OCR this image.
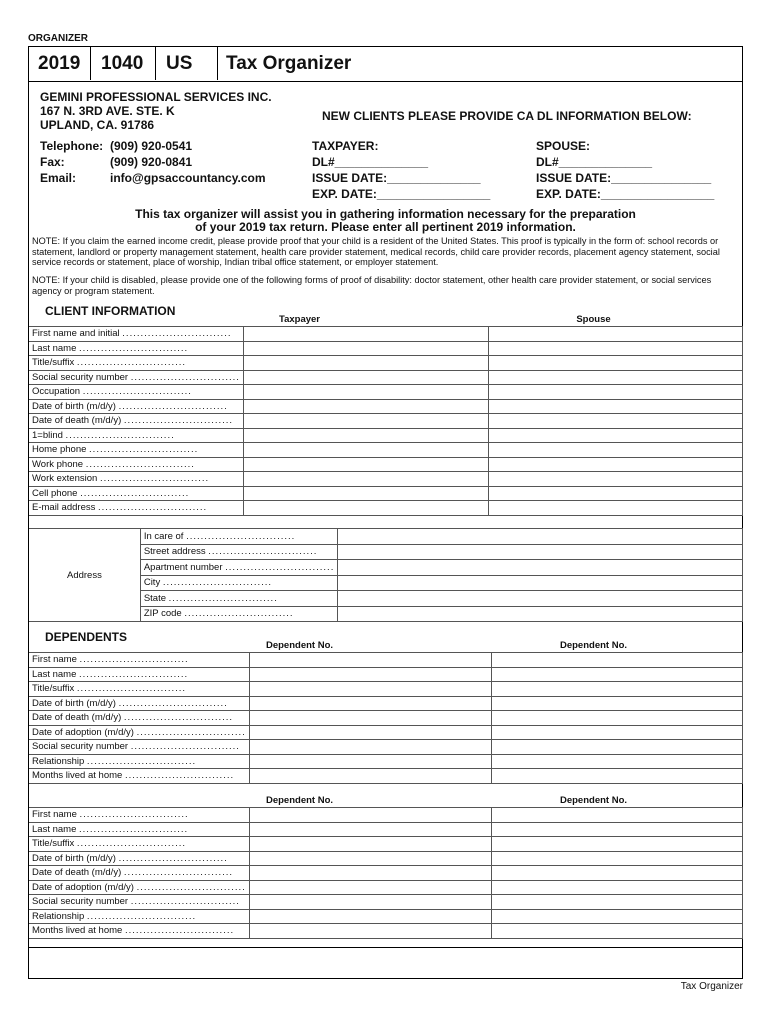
ORGANIZER
2019	1040	US	Tax Organizer
GEMINI PROFESSIONAL SERVICES INC.
167 N. 3RD AVE. STE. K
UPLAND, CA. 91786
Telephone:	(909) 920-0541
Fax:	(909) 920-0841
Email:	info@gpsaccountancy.com
NEW CLIENTS PLEASE PROVIDE CA DL INFORMATION BELOW:
TAXPAYER:
DL#______________
ISSUE DATE:______________
EXP. DATE:_________________
SPOUSE:
DL#______________
ISSUE DATE:_______________
EXP. DATE:_________________
This tax organizer will assist you in gathering information necessary for the preparation
of your 2019 tax return. Please enter all pertinent 2019 information.
NOTE: If you claim the earned income credit, please provide proof that your child is a resident of the United States. This proof is typically in the form of: school records or statement, landlord or property management statement, health care provider statement, medical records, child care provider records, placement agency statement, social service records or statement, place of worship, Indian tribal office statement, or employer statement.
NOTE: If your child is disabled, please provide one of the following forms of proof of disability: doctor statement, other health care provider statement, or social services agency or program statement.
CLIENT INFORMATION
Taxpayer	Spouse
First name and initial ..............................		
Last name ..............................		
Title/suffix ..............................		
Social security number ..............................		
Occupation ..............................		
Date of birth (m/d/y) ..............................		
Date of death (m/d/y) ..............................		
1=blind ..............................		
Home phone ..............................		
Work phone ..............................		
Work extension ..............................		
Cell phone ..............................		
E-mail address ..............................		
Address	In care of ..............................	
	Street address ..............................	
	Apartment number ..............................	
	City ..............................	
	State ..............................	
	ZIP code ..............................	
DEPENDENTS
Dependent No.	Dependent No.
First name ..............................		
Last name ..............................		
Title/suffix ..............................		
Date of birth (m/d/y) ..............................		
Date of death (m/d/y) ..............................		
Date of adoption (m/d/y) ..............................		
Social security number ..............................		
Relationship ..............................		
Months lived at home ..............................		
Dependent No.	Dependent No.
First name ..............................		
Last name ..............................		
Title/suffix ..............................		
Date of birth (m/d/y) ..............................		
Date of death (m/d/y) ..............................		
Date of adoption (m/d/y) ..............................		
Social security number ..............................		
Relationship ..............................		
Months lived at home ..............................		
Tax Organizer
